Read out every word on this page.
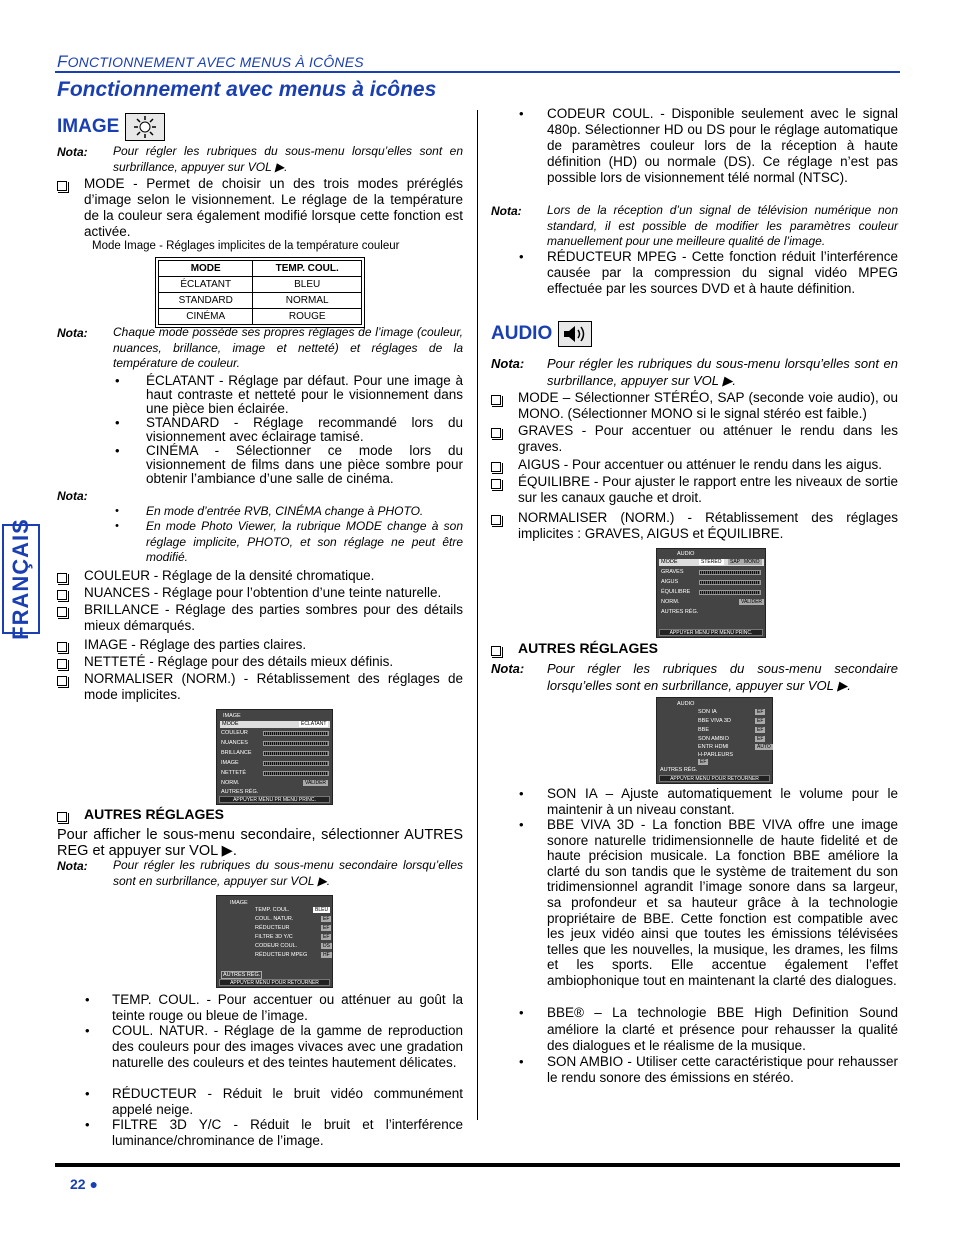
FONCTIONNEMENT AVEC MENUS À ICÔNES
Fonctionnement avec menus à icônes
FRANÇAIS
IMAGE
Nota: Pour régler les rubriques du sous-menu lorsqu’elles sont en surbrillance, appuyer sur VOL ▶.
MODE - Permet de choisir un des trois modes préréglés d’image selon le visionnement. Le réglage de la température de la couleur sera également modifié lorsque cette fonction est activée.
Mode Image - Réglages implicites de la température couleur
MODE	TEMP. COUL.
ÉCLATANT	BLEU
STANDARD	NORMAL
CINÉMA	ROUGE
Nota: Chaque mode possède ses propres réglages de l’image (couleur, nuances, brillance, image et netteté) et réglages de la température de couleur.
•	ÉCLATANT - Réglage par défaut. Pour une image à haut contraste et netteté pour le visionnement dans une pièce bien éclairée.
•	STANDARD - Réglage recommandé lors du visionnement avec éclairage tamisé.
•	CINÉMA - Sélectionner ce mode lors du visionnement de films dans une pièce sombre pour obtenir l’ambiance d’une salle de cinéma.
Nota:
•	En mode d’entrée RVB, CINÉMA change à PHOTO.
•	En mode Photo Viewer, la rubrique MODE change à son réglage implicite, PHOTO, et son réglage ne peut être modifié.
COULEUR - Réglage de la densité chromatique.
NUANCES - Réglage pour l’obtention d’une teinte naturelle.
BRILLANCE - Réglage des parties sombres pour des détails mieux démarqués.
IMAGE - Réglage des parties claires.
NETTETÉ - Réglage pour des détails mieux définis.
NORMALISER (NORM.) - Rétablissement des réglages de mode implicites.
IMAGE
MODE	ÉCLATANT
COULEUR
NUANCES
BRILLANCE
IMAGE
NETTETÉ
NORM.	VALIDER
AUTRES RÉG.
APPUYER MENU PR MENU PRINC.
AUTRES RÉGLAGES
Pour afficher le sous-menu secondaire, sélectionner AUTRES REG et appuyer sur VOL ▶.
Nota: Pour régler les rubriques du sous-menu secondaire lorsqu’elles sont en surbrillance, appuyer sur VOL ▶.
IMAGE
TEMP. COUL.	BLEU
COUL. NATUR.	EF
RÉDUCTEUR	EF
FILTRE 3D Y/C	EF
CODEUR COUL.	DS
RÉDUCTEUR MPEG	HF
AUTRES RÉG.
APPUYER MENU POUR RETOURNER
•	TEMP. COUL. - Pour accentuer ou atténuer au goût la teinte rouge ou bleue de l’image.
•	COUL. NATUR. - Réglage de la gamme de reproduction des couleurs pour des images vivaces avec une gradation naturelle des couleurs et des teintes hautement délicates.
•	RÉDUCTEUR - Réduit le bruit vidéo communément appelé neige.
•	FILTRE 3D Y/C - Réduit le bruit et l’interférence luminance/chrominance de l’image.
•	CODEUR COUL. - Disponible seulement avec le signal 480p. Sélectionner HD ou DS pour le réglage automatique de paramètres couleur lors de la réception à haute définition (HD) ou normale (DS). Ce réglage n’est pas possible lors de visionnement télé normal (NTSC).
Nota: Lors de la réception d’un signal de télévision numérique non standard, il est possible de modifier les paramètres couleur manuellement pour une meilleure qualité de l’image.
•	RÉDUCTEUR MPEG - Cette fonction réduit l’interférence causée par la compression du signal vidéo MPEG effectuée par les sources DVD et à haute définition.
AUDIO
Nota: Pour régler les rubriques du sous-menu lorsqu’elles sont en surbrillance, appuyer sur VOL ▶.
MODE – Sélectionner STÉRÉO, SAP (seconde voie audio), ou MONO. (Sélectionner MONO si le signal stéréo est faible.)
GRAVES - Pour accentuer ou atténuer le rendu dans les graves.
AIGUS - Pour accentuer ou atténuer le rendu dans les aigus.
ÉQUILIBRE - Pour ajuster le rapport entre les niveaux de sortie sur les canaux gauche et droit.
NORMALISER (NORM.) - Rétablissement des réglages implicites : GRAVES, AIGUS et ÉQUILIBRE.
AUDIO
MODE	STÉRÉO	SAP MONO
GRAVES
AIGUS
ÉQUILIBRE
NORM.	VALIDER
AUTRES RÉG.
APPUYER MENU PR MENU PRINC.
AUTRES RÉGLAGES
Nota: Pour régler les rubriques du sous-menu secondaire lorsqu’elles sont en surbrillance, appuyer sur VOL ▶.
AUDIO
SON IA	EF
BBE VIVA 3D	EF
BBE	EF
SON AMBIO	EF
ENTR HDMI	AUTO
H-PARLEURS
EF
AUTRES RÉG.
APPUYER MENU POUR RETOURNER
•	SON IA – Ajuste automatiquement le volume pour le maintenir à un niveau constant.
•	BBE VIVA 3D - La fonction BBE VIVA offre une image sonore naturelle tridimensionnelle de haute fidelité et de haute précision musicale. La fonction BBE améliore la clarté du son tandis que le système de traitement du son tridimensionnel agrandit l’image sonore dans sa largeur, sa profondeur et sa hauteur grâce à la technologie propriétaire de BBE. Cette fonction est compatible avec les jeux vidéo ainsi que toutes les émissions télévisées telles que les nouvelles, la musique, les drames, les films et les sports. Elle accentue également l’effet ambiophonique tout en maintenant la clarté des dialogues.
•	BBE® – La technologie BBE High Definition Sound améliore la clarté et présence pour rehausser la qualité des dialogues et le réalisme de la musique.
•	SON AMBIO - Utiliser cette caractéristique pour rehausser le rendu sonore des émissions en stéréo.
22 ●
